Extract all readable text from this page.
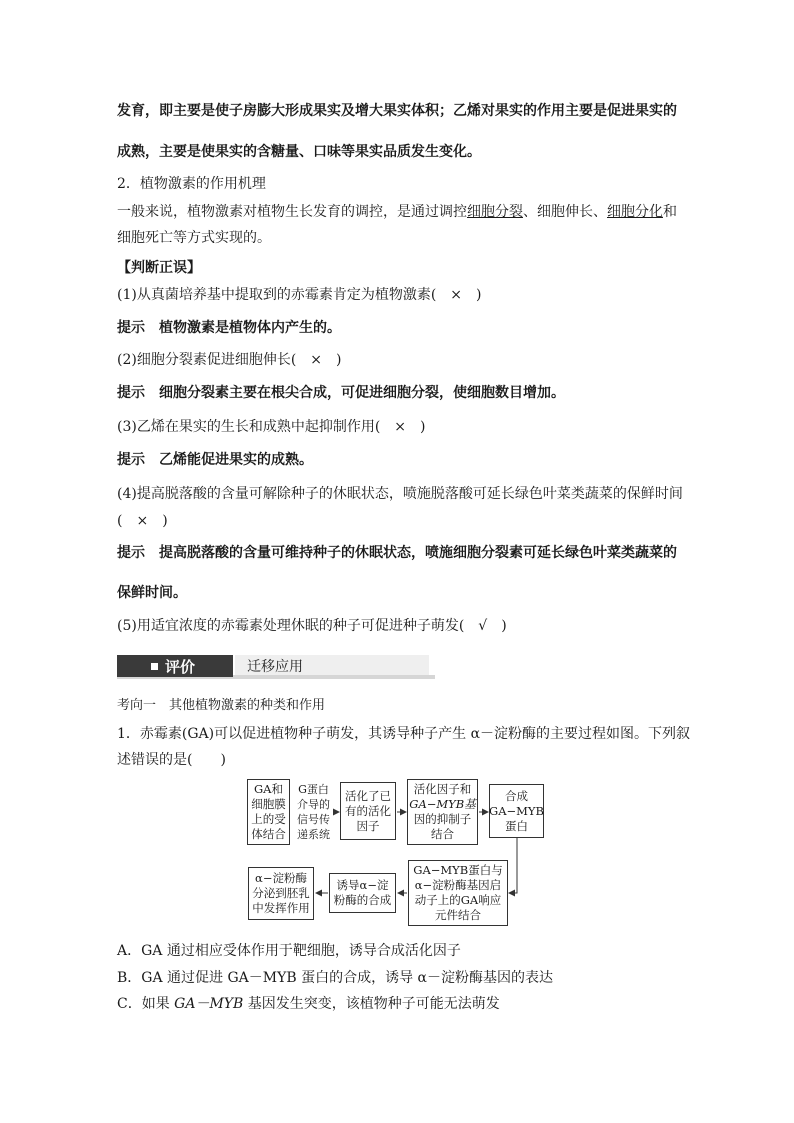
发育，即主要是使子房膨大形成果实及增大果实体积；乙烯对果实的作用主要是促进果实的
成熟，主要是使果实的含糖量、口味等果实品质发生变化。
2．植物激素的作用机理
一般来说，植物激素对植物生长发育的调控，是通过调控细胞分裂、细胞伸长、细胞分化和
细胞死亡等方式实现的。
【判断正误】
(1)从真菌培养基中提取到的赤霉素肯定为植物激素(　×　)
提示　植物激素是植物体内产生的。
(2)细胞分裂素促进细胞伸长(　×　)
提示　细胞分裂素主要在根尖合成，可促进细胞分裂，使细胞数目增加。
(3)乙烯在果实的生长和成熟中起抑制作用(　×　)
提示　乙烯能促进果实的成熟。
(4)提高脱落酸的含量可解除种子的休眠状态，喷施脱落酸可延长绿色叶菜类蔬菜的保鲜时间
(　×　)
提示　提高脱落酸的含量可维持种子的休眠状态，喷施细胞分裂素可延长绿色叶菜类蔬菜的
保鲜时间。
(5)用适宜浓度的赤霉素处理休眠的种子可促进种子萌发(　√　)
评价	迁移应用
考向一　其他植物激素的种类和作用
1．赤霉素(GA)可以促进植物种子萌发，其诱导种子产生 α－淀粉酶的主要过程如图。下列叙
述错误的是(　　)
GA和
细胞膜
上的受
体结合
G蛋白
介导的
信号传
递系统
活化了已
有的活化
因子
活化因子和
GA−MYB基
因的抑制子
结合
合成
GA−MYB
蛋白
GA−MYB蛋白与
α−淀粉酶基因启
动子上的GA响应
元件结合
诱导α−淀
粉酶的合成
α−淀粉酶
分泌到胚乳
中发挥作用
A．GA 通过相应受体作用于靶细胞，诱导合成活化因子
B．GA 通过促进 GA－MYB 蛋白的合成，诱导 α－淀粉酶基因的表达
C．如果 GA－MYB 基因发生突变，该植物种子可能无法萌发
